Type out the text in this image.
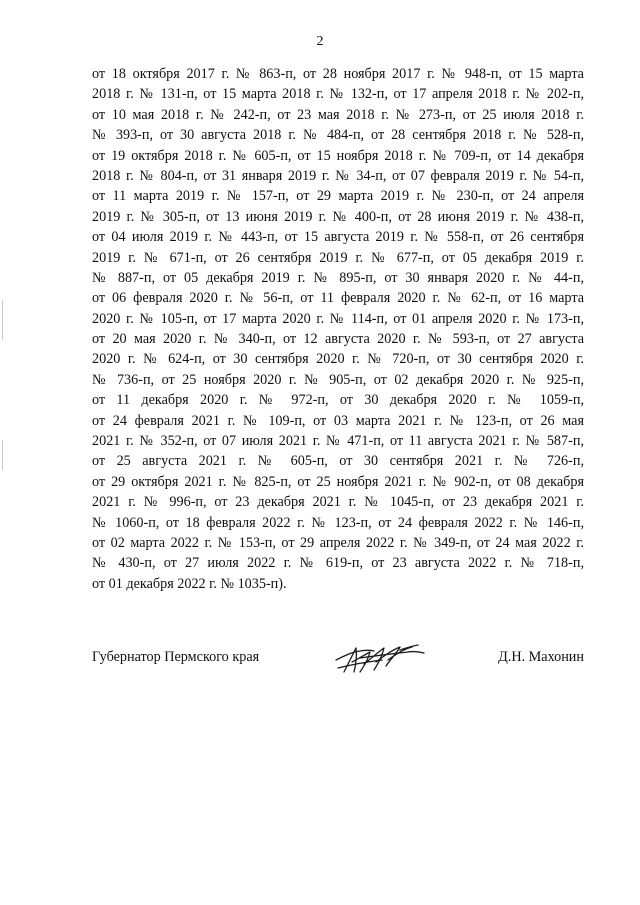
2
от 18 октября 2017 г. № 863-п, от 28 ноября 2017 г. № 948-п, от 15 марта
2018 г. № 131-п, от 15 марта 2018 г. № 132-п, от 17 апреля 2018 г. № 202-п,
от 10 мая 2018 г. № 242-п, от 23 мая 2018 г. № 273-п, от 25 июля 2018 г.
№ 393-п, от 30 августа 2018 г. № 484-п, от 28 сентября 2018 г. № 528-п,
от 19 октября 2018 г. № 605-п, от 15 ноября 2018 г. № 709-п, от 14 декабря
2018 г. № 804-п, от 31 января 2019 г. № 34-п, от 07 февраля 2019 г. № 54-п,
от 11 марта 2019 г. № 157-п, от 29 марта 2019 г. № 230-п, от 24 апреля
2019 г. № 305-п, от 13 июня 2019 г. № 400-п, от 28 июня 2019 г. № 438-п,
от 04 июля 2019 г. № 443-п, от 15 августа 2019 г. № 558-п, от 26 сентября
2019 г. № 671-п, от 26 сентября 2019 г. № 677-п, от 05 декабря 2019 г.
№ 887-п, от 05 декабря 2019 г. № 895-п, от 30 января 2020 г. № 44-п,
от 06 февраля 2020 г. № 56-п, от 11 февраля 2020 г. № 62-п, от 16 марта
2020 г. № 105-п, от 17 марта 2020 г. № 114-п, от 01 апреля 2020 г. № 173-п,
от 20 мая 2020 г. № 340-п, от 12 августа 2020 г. № 593-п, от 27 августа
2020 г. № 624-п, от 30 сентября 2020 г. № 720-п, от 30 сентября 2020 г.
№ 736-п, от 25 ноября 2020 г. № 905-п, от 02 декабря 2020 г. № 925-п,
от 11 декабря 2020 г. № 972-п, от 30 декабря 2020 г. № 1059-п,
от 24 февраля 2021 г. № 109-п, от 03 марта 2021 г. № 123-п, от 26 мая
2021 г. № 352-п, от 07 июля 2021 г. № 471-п, от 11 августа 2021 г. № 587-п,
от 25 августа 2021 г. № 605-п, от 30 сентября 2021 г. № 726-п,
от 29 октября 2021 г. № 825-п, от 25 ноября 2021 г. № 902-п, от 08 декабря
2021 г. № 996-п, от 23 декабря 2021 г. № 1045-п, от 23 декабря 2021 г.
№ 1060-п, от 18 февраля 2022 г. № 123-п, от 24 февраля 2022 г. № 146-п,
от 02 марта 2022 г. № 153-п, от 29 апреля 2022 г. № 349-п, от 24 мая 2022 г.
№ 430-п, от 27 июля 2022 г. № 619-п, от 23 августа 2022 г. № 718-п,
от 01 декабря 2022 г. № 1035-п).
Губернатор Пермского края	Д.Н. Махонин
